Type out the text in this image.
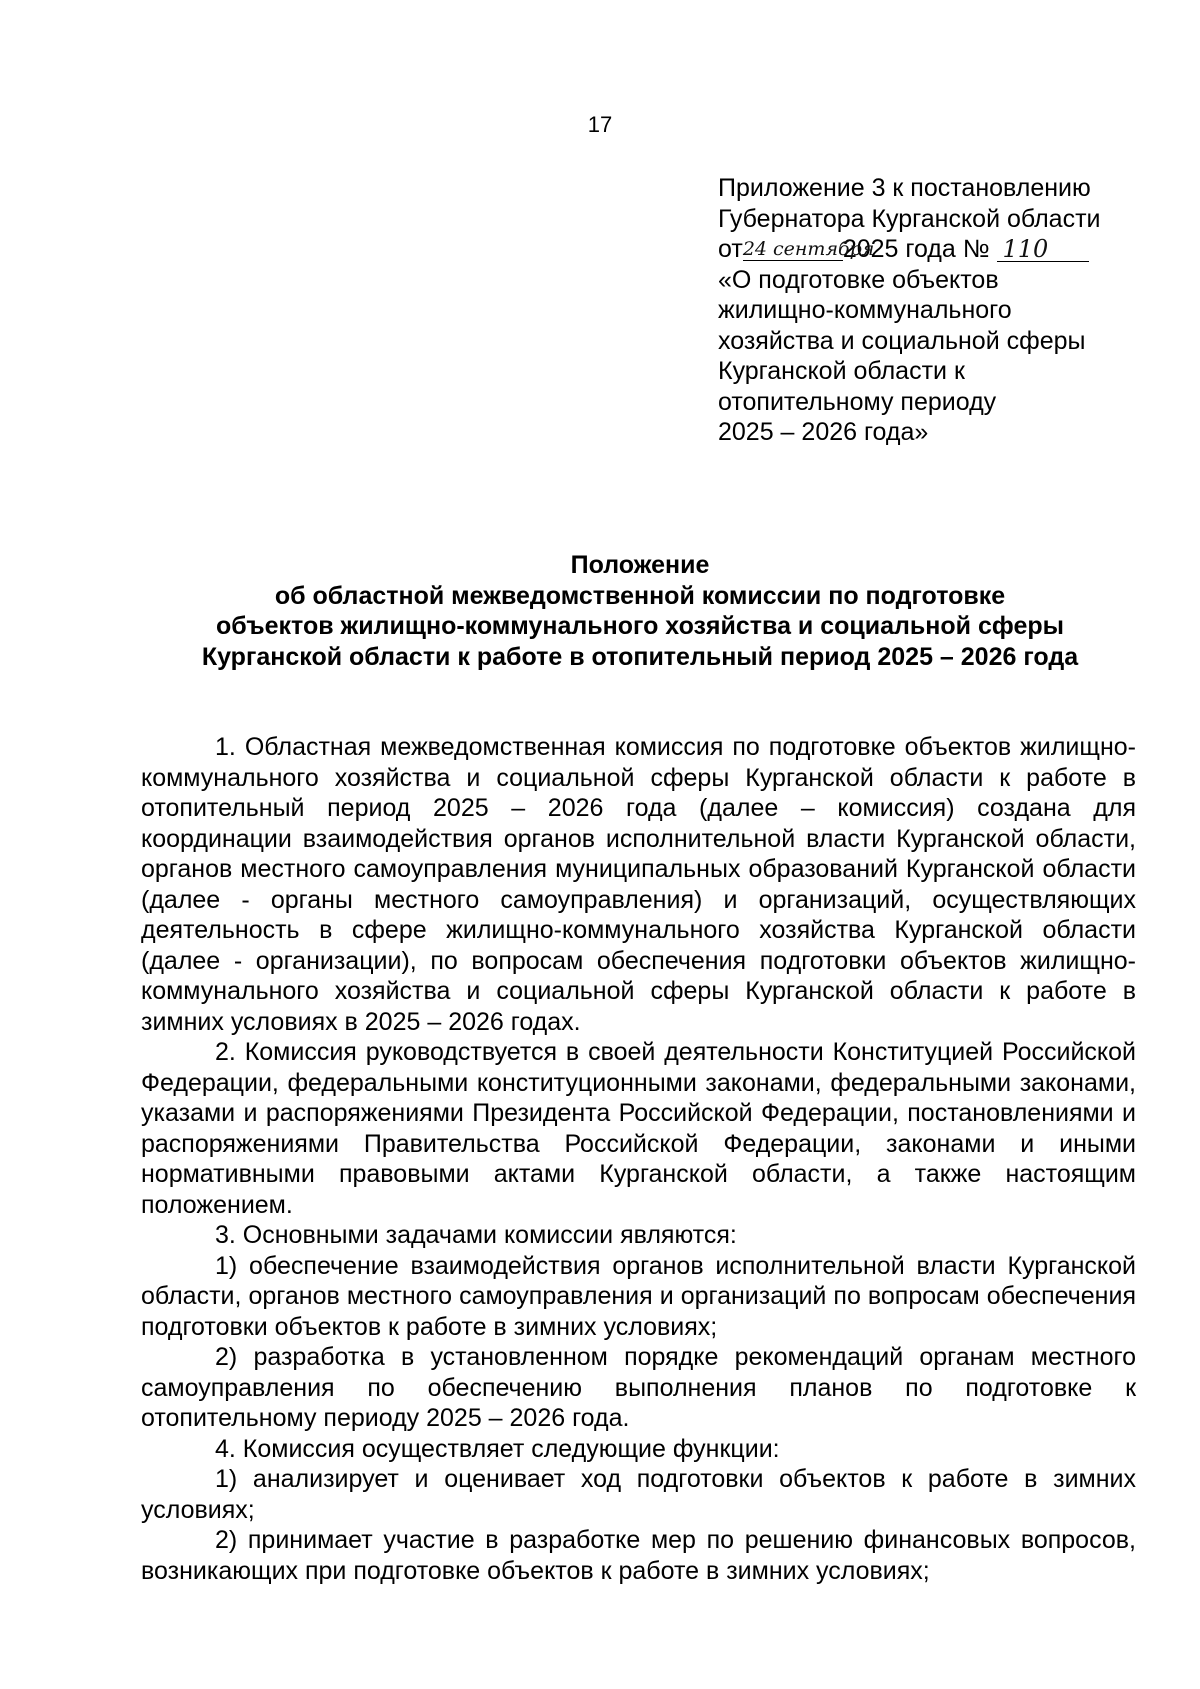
17
Приложение 3 к постановлению
Губернатора Курганской области
от24 сентября2025 года № 110
«О подготовке объектов
жилищно-коммунального
хозяйства и социальной сферы
Курганской области к
отопительному периоду
2025 – 2026 года»
Положение
об областной межведомственной комиссии по подготовке
объектов жилищно-коммунального хозяйства и социальной сферы
Курганской области к работе в отопительный период 2025 – 2026 года

1. Областная межведомственная комиссия по подготовке объектов жилищно-коммунального хозяйства и социальной сферы Курганской области к работе в отопительный период 2025 – 2026 года (далее – комиссия) создана для координации взаимодействия органов исполнительной власти Курганской области, органов местного самоуправления муниципальных образований Курганской области (далее - органы местного самоуправления) и организаций, осуществляющих деятельность в сфере жилищно-коммунального хозяйства Курганской области (далее - организации), по вопросам обеспечения подготовки объектов жилищно-коммунального хозяйства и социальной сферы Курганской области к работе в зимних условиях в 2025 – 2026 годах.

2. Комиссия руководствуется в своей деятельности Конституцией Российской Федерации, федеральными конституционными законами, федеральными законами, указами и распоряжениями Президента Российской Федерации, постановлениями и распоряжениями Правительства Российской Федерации, законами и иными нормативными правовыми актами Курганской области, а также настоящим положением.

3. Основными задачами комиссии являются:

1) обеспечение взаимодействия органов исполнительной власти Курганской области, органов местного самоуправления и организаций по вопросам обеспечения подготовки объектов к работе в зимних условиях;

2) разработка в установленном порядке рекомендаций органам местного самоуправления по обеспечению выполнения планов по подготовке к отопительному периоду 2025 – 2026 года.

4. Комиссия осуществляет следующие функции:

1) анализирует и оценивает ход подготовки объектов к работе в зимних условиях;

2) принимает участие в разработке мер по решению финансовых вопросов, возникающих при подготовке объектов к работе в зимних условиях;
